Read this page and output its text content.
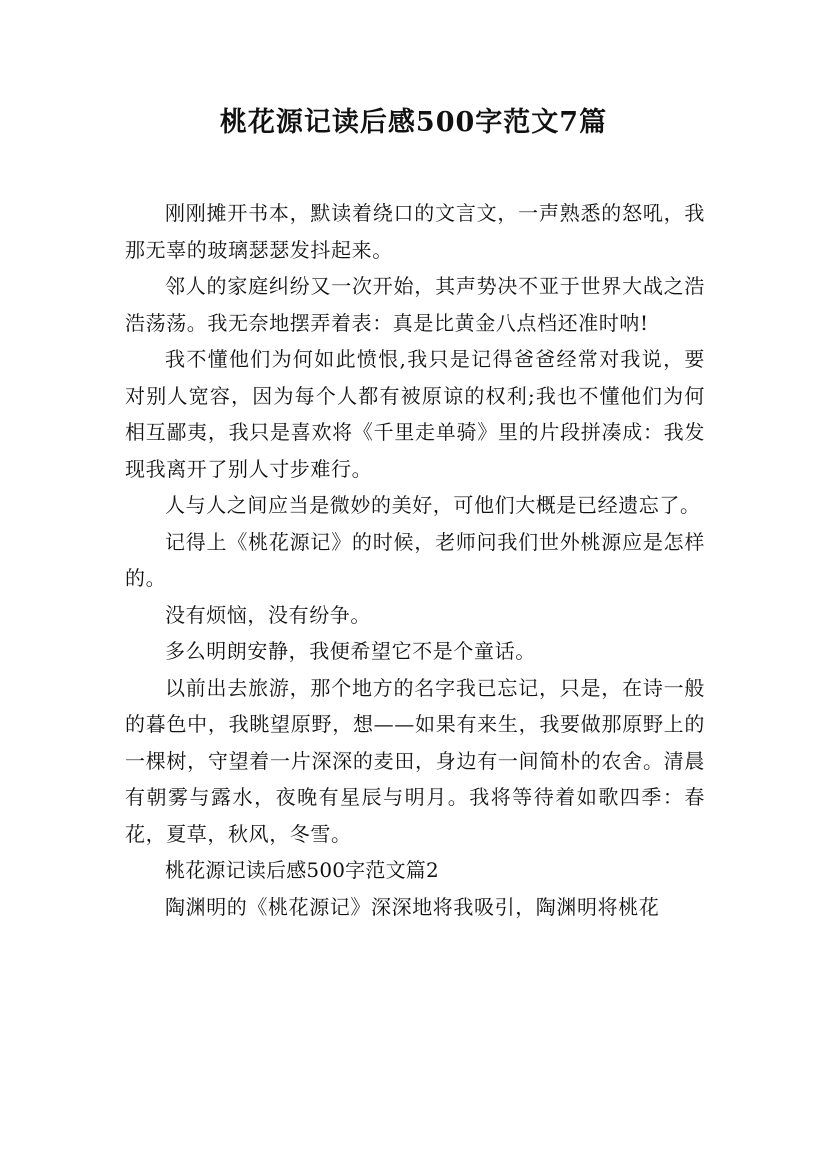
桃花源记读后感500字范文7篇

刚刚摊开书本，默读着绕口的文言文，一声熟悉的怒吼，我那无辜的玻璃瑟瑟发抖起来。

邻人的家庭纠纷又一次开始，其声势决不亚于世界大战之浩浩荡荡。我无奈地摆弄着表：真是比黄金八点档还准时呐!

我不懂他们为何如此愤恨,我只是记得爸爸经常对我说，要对别人宽容，因为每个人都有被原谅的权利;我也不懂他们为何相互鄙夷，我只是喜欢将《千里走单骑》里的片段拼凑成：我发现我离开了别人寸步难行。

人与人之间应当是微妙的美好，可他们大概是已经遗忘了。

记得上《桃花源记》的时候，老师问我们世外桃源应是怎样的。

没有烦恼，没有纷争。

多么明朗安静，我便希望它不是个童话。

以前出去旅游，那个地方的名字我已忘记，只是，在诗一般的暮色中，我眺望原野，想——如果有来生，我要做那原野上的一棵树，守望着一片深深的麦田，身边有一间简朴的农舍。清晨有朝雾与露水，夜晚有星辰与明月。我将等待着如歌四季：春花，夏草，秋风，冬雪。

桃花源记读后感500字范文篇2

陶渊明的《桃花源记》深深地将我吸引，陶渊明将桃花
